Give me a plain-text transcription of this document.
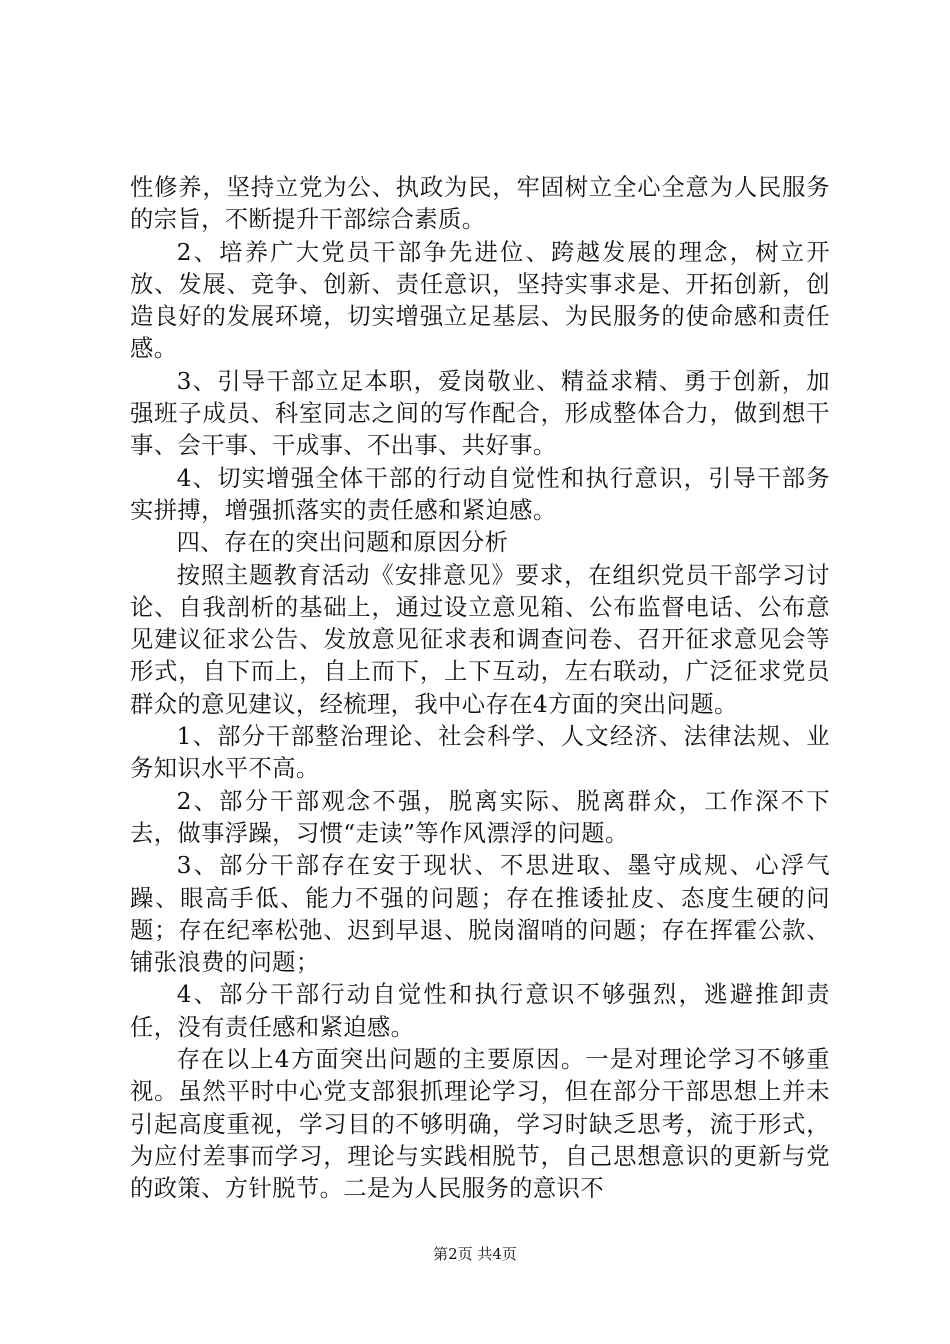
性修养，坚持立党为公、执政为民，牢固树立全心全意为人民服务的宗旨，不断提升干部综合素质。

2、培养广大党员干部争先进位、跨越发展的理念，树立开放、发展、竞争、创新、责任意识，坚持实事求是、开拓创新，创造良好的发展环境，切实增强立足基层、为民服务的使命感和责任感。

3、引导干部立足本职，爱岗敬业、精益求精、勇于创新，加强班子成员、科室同志之间的写作配合，形成整体合力，做到想干事、会干事、干成事、不出事、共好事。

4、切实增强全体干部的行动自觉性和执行意识，引导干部务实拼搏，增强抓落实的责任感和紧迫感。

四、存在的突出问题和原因分析

按照主题教育活动《安排意见》要求，在组织党员干部学习讨论、自我剖析的基础上，通过设立意见箱、公布监督电话、公布意见建议征求公告、发放意见征求表和调查问卷、召开征求意见会等形式，自下而上，自上而下，上下互动，左右联动，广泛征求党员群众的意见建议，经梳理，我中心存在4方面的突出问题。

1、部分干部整治理论、社会科学、人文经济、法律法规、业务知识水平不高。

2、部分干部观念不强，脱离实际、脱离群众，工作深不下去，做事浮躁，习惯“走读”等作风漂浮的问题。

3、部分干部存在安于现状、不思进取、墨守成规、心浮气躁、眼高手低、能力不强的问题；存在推诿扯皮、态度生硬的问题；存在纪率松弛、迟到早退、脱岗溜哨的问题；存在挥霍公款、铺张浪费的问题；

4、部分干部行动自觉性和执行意识不够强烈，逃避推卸责任，没有责任感和紧迫感。

存在以上4方面突出问题的主要原因。一是对理论学习不够重视。虽然平时中心党支部狠抓理论学习，但在部分干部思想上并未引起高度重视，学习目的不够明确，学习时缺乏思考，流于形式，为应付差事而学习，理论与实践相脱节，自己思想意识的更新与党的政策、方针脱节。二是为人民服务的意识不

第2页 共4页
